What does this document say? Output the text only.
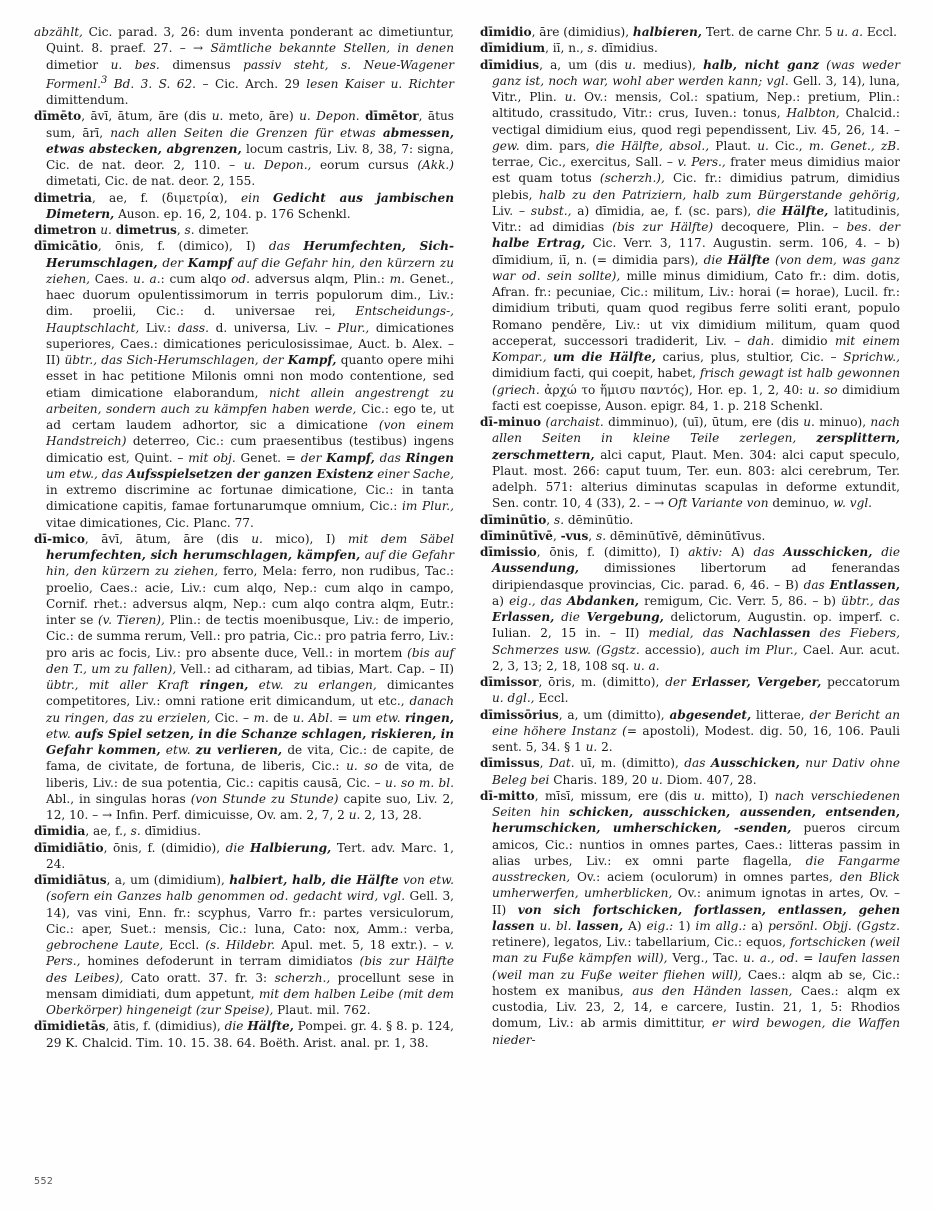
abzählt, Cic. parad. 3, 26: dum inventa ponderant ac dimetiuntur, Quint. 8. praef. 27. – → Sämtliche bekannte Stellen, in denen dimetior u. bes. dimensus passiv steht, s. Neue-Wagener Formenl.$^3$ Bd. 3. S. 62. – Cic. Arch. 29 lesen Kaiser u. Richter dimittendum.

dīmēto, āvī, ātum, āre (dis u. meto, āre) u. Depon. dīmētor, ātus sum, ārī, nach allen Seiten die Grenzen für etwas abmessen, etwas abstecken, abgrenzen, locum castris, Liv. 8, 38, 7: signa, Cic. de nat. deor. 2, 110. – u. Depon., eorum cursus (Akk.) dimetati, Cic. de nat. deor. 2, 155.

dimetria, ae, f. (διμετρία), ein Gedicht aus jambischen Dimetern, Auson. ep. 16, 2, 104. p. 176 Schenkl.

dimetron u. dimetrus, s. dimeter.

dīmicātio, ōnis, f. (dimico), I) das Herumfechten, Sich-Herumschlagen, der Kampf auf die Gefahr hin, den kürzern zu ziehen, Caes. u. a.: cum alqo od. adversus alqm, Plin.: m. Genet., haec duorum opulentissimorum in terris populorum dim., Liv.: dim. proelii, Cic.: d. universae rei, Entscheidungs-, Hauptschlacht, Liv.: dass. d. universa, Liv. – Plur., dimicationes superiores, Caes.: dimicationes periculosissimae, Auct. b. Alex. – II) übtr., das Sich-Herumschlagen, der Kampf, quanto opere mihi esset in hac petitione Milonis omni non modo contentione, sed etiam dimicatione elaborandum, nicht allein angestrengt zu arbeiten, sondern auch zu kämpfen haben werde, Cic.: ego te, ut ad certam laudem adhortor, sic a dimicatione (von einem Handstreich) deterreo, Cic.: cum praesentibus (testibus) ingens dimicatio est, Quint. – mit obj. Genet. = der Kampf, das Ringen um etw., das Aufsspielsetzen der ganzen Existenz einer Sache, in extremo discrimine ac fortunae dimicatione, Cic.: in tanta dimicatione capitis, famae fortunarumque omnium, Cic.: im Plur., vitae dimicationes, Cic. Planc. 77.

dī-mico, āvī, ātum, āre (dis u. mico), I) mit dem Säbel herumfechten, sich herumschlagen, kämpfen, auf die Gefahr hin, den kürzern zu ziehen, ferro, Mela: ferro, non rudibus, Tac.: proelio, Caes.: acie, Liv.: cum alqo, Nep.: cum alqo in campo, Cornif. rhet.: adversus alqm, Nep.: cum alqo contra alqm, Eutr.: inter se (v. Tieren), Plin.: de tectis moenibusque, Liv.: de imperio, Cic.: de summa rerum, Vell.: pro patria, Cic.: pro patria ferro, Liv.: pro aris ac focis, Liv.: pro absente duce, Vell.: in mortem (bis auf den T., um zu fallen), Vell.: ad citharam, ad tibias, Mart. Cap. – II) übtr., mit aller Kraft ringen, etw. zu erlangen, dimicantes competitores, Liv.: omni ratione erit dimicandum, ut etc., danach zu ringen, das zu erzielen, Cic. – m. de u. Abl. = um etw. ringen, etw. aufs Spiel setzen, in die Schanze schlagen, riskieren, in Gefahr kommen, etw. zu verlieren, de vita, Cic.: de capite, de fama, de civitate, de fortuna, de liberis, Cic.: u. so de vita, de liberis, Liv.: de sua potentia, Cic.: capitis causā, Cic. – u. so m. bl. Abl., in singulas horas (von Stunde zu Stunde) capite suo, Liv. 2, 12, 10. – → Infin. Perf. dimicuisse, Ov. am. 2, 7, 2 u. 2, 13, 28.

dīmidia, ae, f., s. dīmidius.

dīmidiātio, ōnis, f. (dimidio), die Halbierung, Tert. adv. Marc. 1, 24.

dīmidiātus, a, um (dimidium), halbiert, halb, die Hälfte von etw. (sofern ein Ganzes halb genommen od. gedacht wird, vgl. Gell. 3, 14), vas vini, Enn. fr.: scyphus, Varro fr.: partes versiculorum, Cic.: aper, Suet.: mensis, Cic.: luna, Cato: nox, Amm.: verba, gebrochene Laute, Eccl. (s. Hildebr. Apul. met. 5, 18 extr.). – v. Pers., homines defoderunt in terram dimidiatos (bis zur Hälfte des Leibes), Cato oratt. 37. fr. 3: scherzh., procellunt sese in mensam dimidiati, dum appetunt, mit dem halben Leibe (mit dem Oberkörper) hingeneigt (zur Speise), Plaut. mil. 762.

dīmidietās, ātis, f. (dimidius), die Hälfte, Pompei. gr. 4. § 8. p. 124, 29 K. Chalcid. Tim. 10. 15. 38. 64. Boëth. Arist. anal. pr. 1, 38.

dīmidio, āre (dimidius), halbieren, Tert. de carne Chr. 5 u. a. Eccl.

dīmidium, iī, n., s. dīmidius.

dīmidius, a, um (dis u. medius), halb, nicht ganz (was weder ganz ist, noch war, wohl aber werden kann; vgl. Gell. 3, 14), luna, Vitr., Plin. u. Ov.: mensis, Col.: spatium, Nep.: pretium, Plin.: altitudo, crassitudo, Vitr.: crus, Iuven.: tonus, Halbton, Chalcid.: vectigal dimidium eius, quod regi pependissent, Liv. 45, 26, 14. – gew. dim. pars, die Hälfte, absol., Plaut. u. Cic., m. Genet., zB. terrae, Cic., exercitus, Sall. – v. Pers., frater meus dimidius maior est quam totus (scherzh.), Cic. fr.: dimidius patrum, dimidius plebis, halb zu den Patriziern, halb zum Bürgerstande gehörig, Liv. – subst., a) dīmidia, ae, f. (sc. pars), die Hälfte, latitudinis, Vitr.: ad dimidias (bis zur Hälfte) decoquere, Plin. – bes. der halbe Ertrag, Cic. Verr. 3, 117. Augustin. serm. 106, 4. – b) dīmidium, iī, n. (= dimidia pars), die Hälfte (von dem, was ganz war od. sein sollte), mille minus dimidium, Cato fr.: dim. dotis, Afran. fr.: pecuniae, Cic.: militum, Liv.: horai (= horae), Lucil. fr.: dimidium tributi, quam quod regibus ferre soliti erant, populo Romano pendĕre, Liv.: ut vix dimidium militum, quam quod acceperat, successori tradiderit, Liv. – dah. dimidio mit einem Kompar., um die Hälfte, carius, plus, stultior, Cic. – Sprichw., dimidium facti, qui coepit, habet, frisch gewagt ist halb gewonnen (griech. ἀρχώ το ἥμισυ παντός), Hor. ep. 1, 2, 40: u. so dimidium facti est coepisse, Auson. epigr. 84, 1. p. 218 Schenkl.

dī-minuo (archaist. dimminuo), (uī), ūtum, ere (dis u. minuo), nach allen Seiten in kleine Teile zerlegen, zersplittern, zerschmettern, alci caput, Plaut. Men. 304: alci caput speculo, Plaut. most. 266: caput tuum, Ter. eun. 803: alci cerebrum, Ter. adelph. 571: alterius diminutas scapulas in deforme extundit, Sen. contr. 10, 4 (33), 2. – → Oft Variante von deminuo, w. vgl.

dīminūtio, s. dēminūtio.

dīminūtīvē, -vus, s. dēminūtīvē, dēminūtīvus.

dīmissio, ōnis, f. (dimitto), I) aktiv: A) das Ausschicken, die Aussendung, dimissiones libertorum ad fenerandas diripiendasque provincias, Cic. parad. 6, 46. – B) das Entlassen, a) eig., das Abdanken, remigum, Cic. Verr. 5, 86. – b) übtr., das Erlassen, die Vergebung, delictorum, Augustin. op. imperf. c. Iulian. 2, 15 in. – II) medial, das Nachlassen des Fiebers, Schmerzes usw. (Ggstz. accessio), auch im Plur., Cael. Aur. acut. 2, 3, 13; 2, 18, 108 sq. u. a.

dīmissor, ōris, m. (dimitto), der Erlasser, Vergeber, peccatorum u. dgl., Eccl.

dīmissōrius, a, um (dimitto), abgesendet, litterae, der Bericht an eine höhere Instanz (= apostoli), Modest. dig. 50, 16, 106. Pauli sent. 5, 34. § 1 u. 2.

dīmissus, Dat. uī, m. (dimitto), das Ausschicken, nur Dativ ohne Beleg bei Charis. 189, 20 u. Diom. 407, 28.

dī-mitto, mīsī, missum, ere (dis u. mitto), I) nach verschiedenen Seiten hin schicken, ausschicken, aussenden, entsenden, herumschicken, umherschicken, -senden, pueros circum amicos, Cic.: nuntios in omnes partes, Caes.: litteras passim in alias urbes, Liv.: ex omni parte flagella, die Fangarme ausstrecken, Ov.: aciem (oculorum) in omnes partes, den Blick umherwerfen, umherblicken, Ov.: animum ignotas in artes, Ov. – II) von sich fortschicken, fortlassen, entlassen, gehen lassen u. bl. lassen, A) eig.: 1) im allg.: a) persönl. Objj. (Ggstz. retinere), legatos, Liv.: tabellarium, Cic.: equos, fortschicken (weil man zu Fuße kämpfen will), Verg., Tac. u. a., od. = laufen lassen (weil man zu Fuße weiter fliehen will), Caes.: alqm ab se, Cic.: hostem ex manibus, aus den Händen lassen, Caes.: alqm ex custodia, Liv. 23, 2, 14, e carcere, Iustin. 21, 1, 5: Rhodios domum, Liv.: ab armis dimittitur, er wird bewogen, die Waffen nieder-

552
